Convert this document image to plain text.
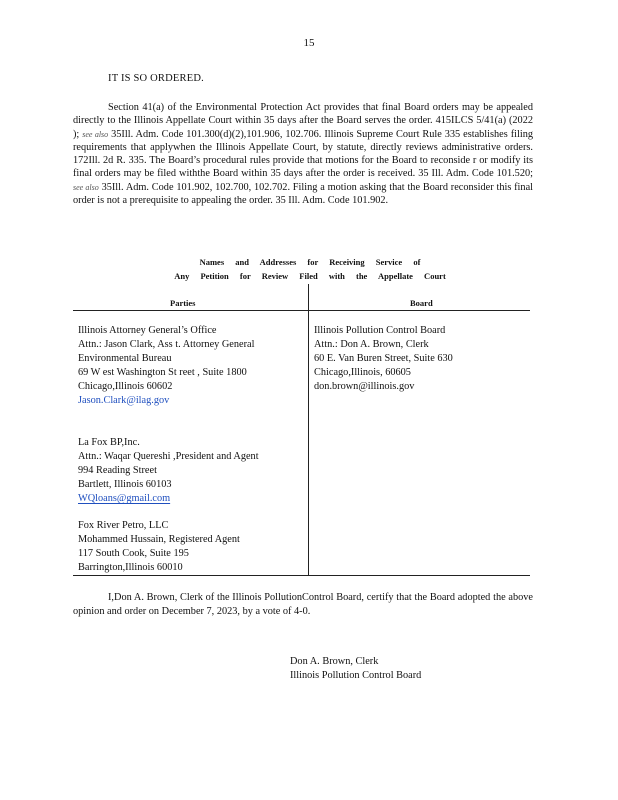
15
IT IS SO ORDERED.
Section 41(a) of the Environmental Protection Act provides that final Board orders may be appealed directly to the Illinois Appellate Court within 35 days after the Board serves the order. 415ILCS 5/41(a) (2022 ); see also 35Ill. Adm. Code 101.300(d)(2),101.906, 102.706. Illinois Supreme Court Rule 335 establishes filing requirements that applywhen the Illinois Appellate Court, by statute, directly reviews administrative orders. 172Ill. 2d R. 335. The Board’s procedural rules provide that motions for the Board to reconside r or modify its final orders may be filed withthe Board within 35 days after the order is received. 35 Ill. Adm. Code 101.520; see also 35Ill. Adm. Code 101.902, 102.700, 102.702. Filing a motion asking that the Board reconsider this final order is not a prerequisite to appealing the order. 35 Ill. Adm. Code 101.902.
Names and Addresses for Receiving Service of
Any Petition for Review Filed with the Appellate Court
Parties	Board
Illinois Attorney General’s Office
Attn.: Jason Clark, Ass t. Attorney General
Environmental Bureau
69 W est Washington St reet , Suite 1800
Chicago,Illinois 60602
Jason.Clark@ilag.gov
La Fox BP,Inc.
Attn.: Waqar Quereshi ,President and Agent
994 Reading Street
Bartlett, Illinois 60103
WQloans@gmail.com
Fox River Petro, LLC
Mohammed Hussain, Registered Agent
117 South Cook, Suite 195
Barrington,Illinois 60010
Illinois Pollution Control Board
Attn.: Don A. Brown, Clerk
60 E. Van Buren Street, Suite 630
Chicago,Illinois, 60605
don.brown@illinois.gov
I,Don A. Brown, Clerk of the Illinois PollutionControl Board, certify that the Board adopted the above opinion and order on December 7, 2023, by a vote of 4-0.
Don A. Brown, Clerk
Illinois Pollution Control Board
